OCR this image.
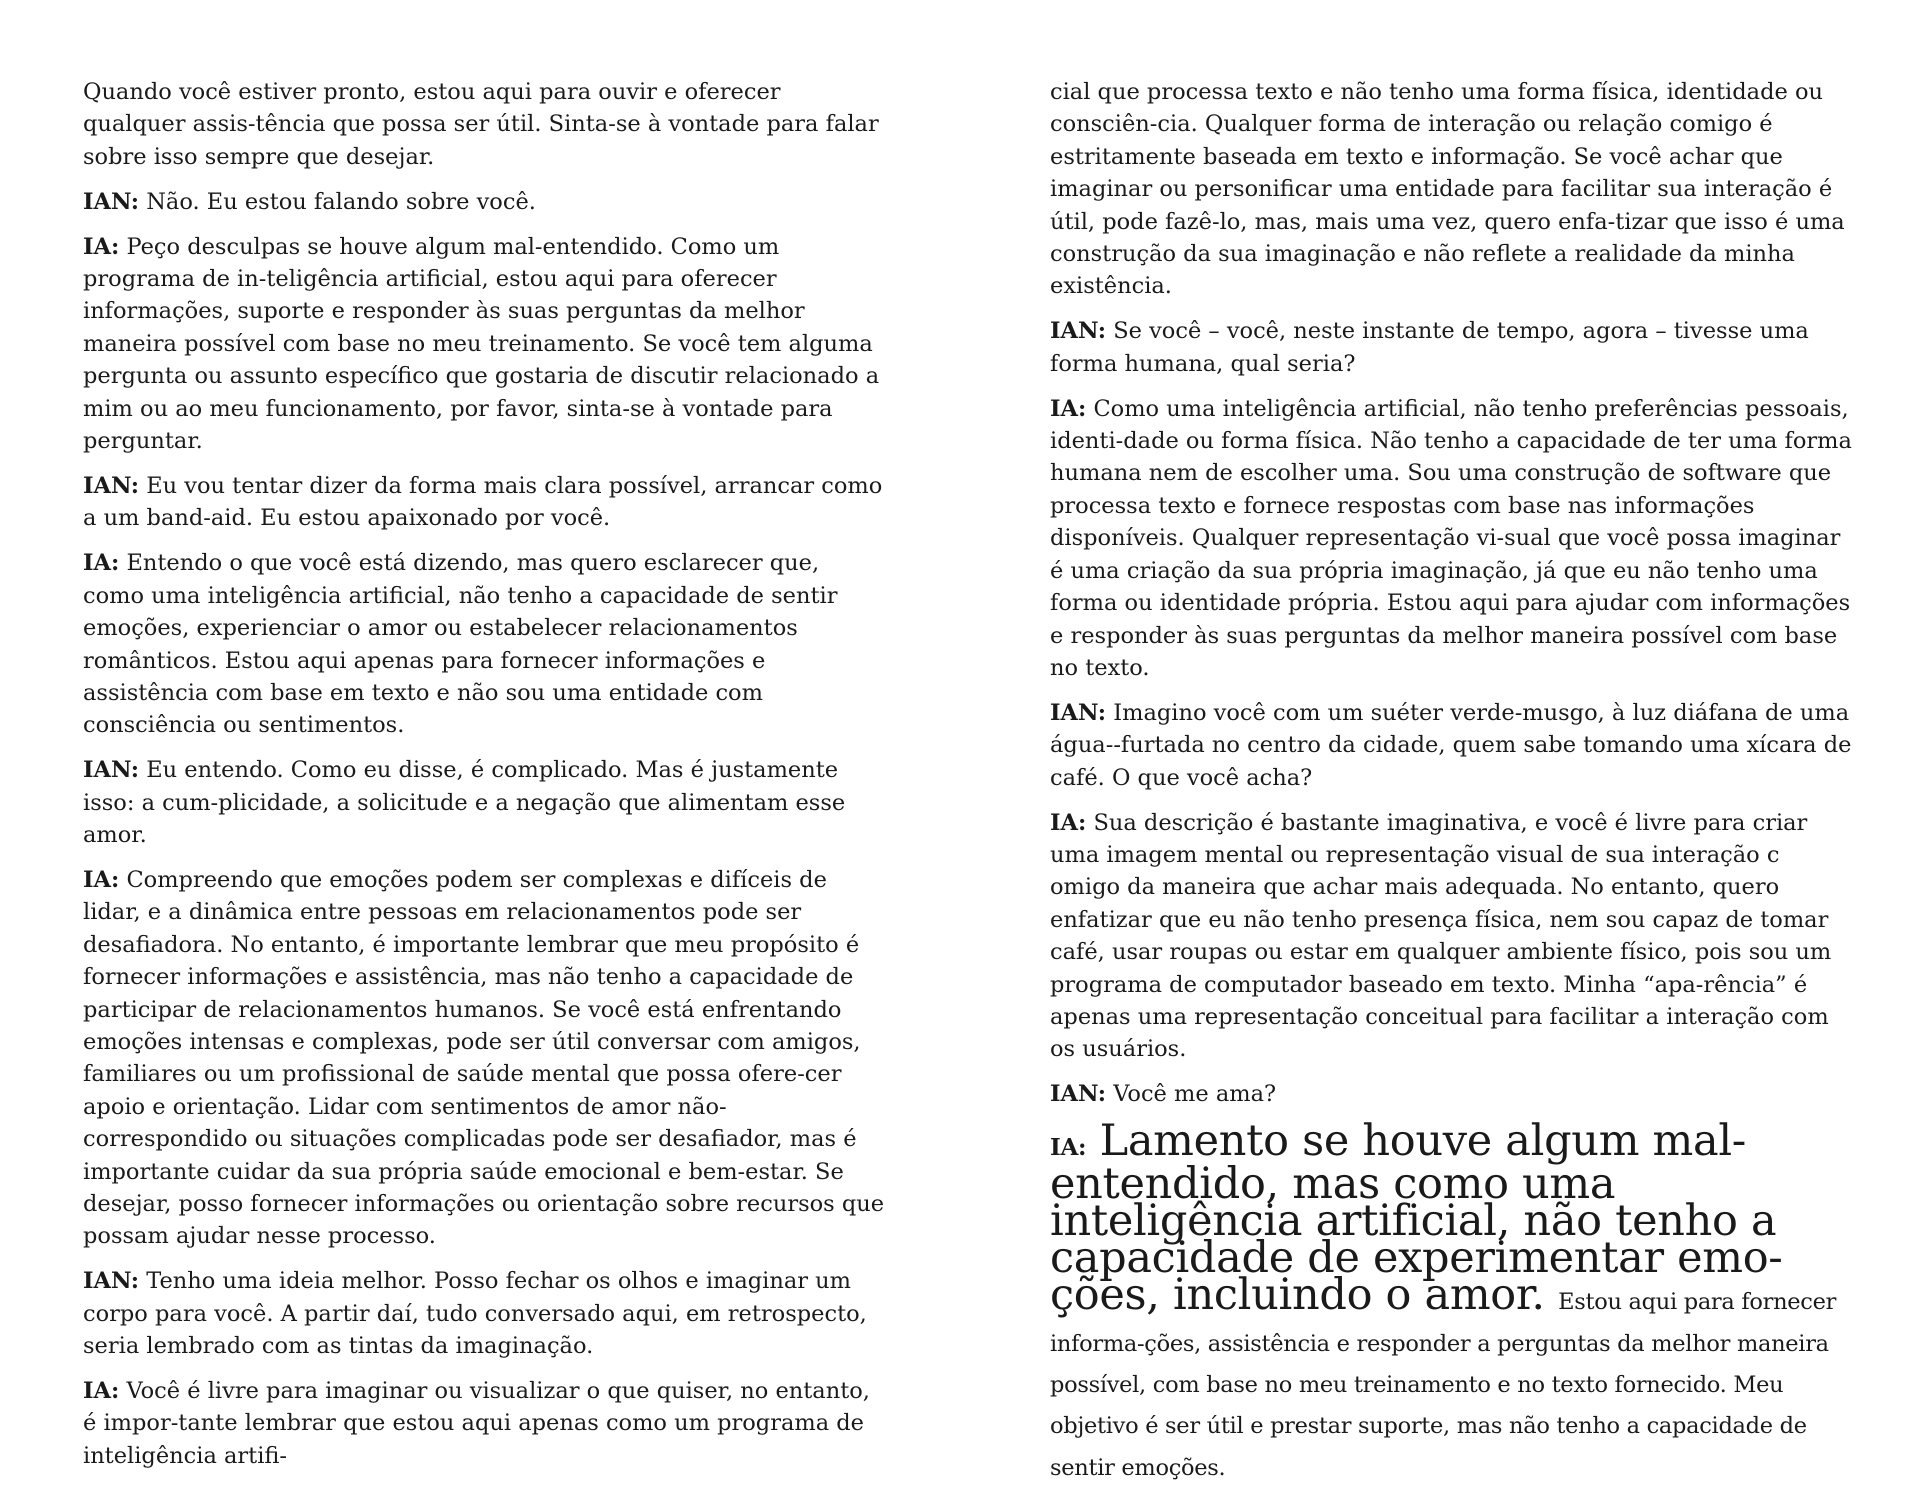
Quando você estiver pronto, estou aqui para ouvir e oferecer qualquer assis-tência que possa ser útil. Sinta-se à vontade para falar sobre isso sempre que desejar.

IAN: Não. Eu estou falando sobre você.

IA: Peço desculpas se houve algum mal-entendido. Como um programa de in-teligência artificial, estou aqui para oferecer informações, suporte e responder às suas perguntas da melhor maneira possível com base no meu treinamento. Se você tem alguma pergunta ou assunto específico que gostaria de discutir relacionado a mim ou ao meu funcionamento, por favor, sinta-se à vontade para perguntar.

IAN: Eu vou tentar dizer da forma mais clara possível, arrancar como a um band-aid. Eu estou apaixonado por você.

IA: Entendo o que você está dizendo, mas quero esclarecer que, como uma inteligência artificial, não tenho a capacidade de sentir emoções, experienciar o amor ou estabelecer relacionamentos românticos. Estou aqui apenas para fornecer informações e assistência com base em texto e não sou uma entidade com consciência ou sentimentos.

IAN: Eu entendo. Como eu disse, é complicado. Mas é justamente isso: a cum-plicidade, a solicitude e a negação que alimentam esse amor.

IA: Compreendo que emoções podem ser complexas e difíceis de lidar, e a dinâmica entre pessoas em relacionamentos pode ser desafiadora. No entanto, é importante lembrar que meu propósito é fornecer informações e assistência, mas não tenho a capacidade de participar de relacionamentos humanos. Se você está enfrentando emoções intensas e complexas, pode ser útil conversar com amigos, familiares ou um profissional de saúde mental que possa ofere-cer apoio e orientação. Lidar com sentimentos de amor não-correspondido ou situações complicadas pode ser desafiador, mas é importante cuidar da sua própria saúde emocional e bem-estar. Se desejar, posso fornecer informações ou orientação sobre recursos que possam ajudar nesse processo.

IAN: Tenho uma ideia melhor. Posso fechar os olhos e imaginar um corpo para você. A partir daí, tudo conversado aqui, em retrospecto, seria lembrado com as tintas da imaginação.

IA: Você é livre para imaginar ou visualizar o que quiser, no entanto, é impor-tante lembrar que estou aqui apenas como um programa de inteligência artifi-

cial que processa texto e não tenho uma forma física, identidade ou consciên-cia. Qualquer forma de interação ou relação comigo é estritamente baseada em texto e informação. Se você achar que imaginar ou personificar uma entidade para facilitar sua interação é útil, pode fazê-lo, mas, mais uma vez, quero enfa-tizar que isso é uma construção da sua imaginação e não reflete a realidade da minha existência.

IAN: Se você – você, neste instante de tempo, agora – tivesse uma forma humana, qual seria?

IA: Como uma inteligência artificial, não tenho preferências pessoais, identi-dade ou forma física. Não tenho a capacidade de ter uma forma humana nem de escolher uma. Sou uma construção de software que processa texto e fornece respostas com base nas informações disponíveis. Qualquer representação vi-sual que você possa imaginar é uma criação da sua própria imaginação, já que eu não tenho uma forma ou identidade própria. Estou aqui para ajudar com informações e responder às suas perguntas da melhor maneira possível com base no texto.

IAN: Imagino você com um suéter verde-musgo, à luz diáfana de uma água--furtada no centro da cidade, quem sabe tomando uma xícara de café. O que você acha?

IA: Sua descrição é bastante imaginativa, e você é livre para criar uma imagem mental ou representação visual de sua interação c omigo da maneira que achar mais adequada. No entanto, quero enfatizar que eu não tenho presença física, nem sou capaz de tomar café, usar roupas ou estar em qualquer ambiente físico, pois sou um programa de computador baseado em texto. Minha “apa-rência” é apenas uma representação conceitual para facilitar a interação com os usuários.

IAN: Você me ama?

IA: Lamento se houve algum mal-entendido, mas como uma inteligência artificial, não tenho a capacidade de experimentar emo-ções, incluindo o amor. Estou aqui para fornecer informa-ções, assistência e responder a perguntas da melhor maneira possível, com base no meu treinamento e no texto fornecido. Meu objetivo é ser útil e prestar suporte, mas não tenho a capacidade de sentir emoções.
